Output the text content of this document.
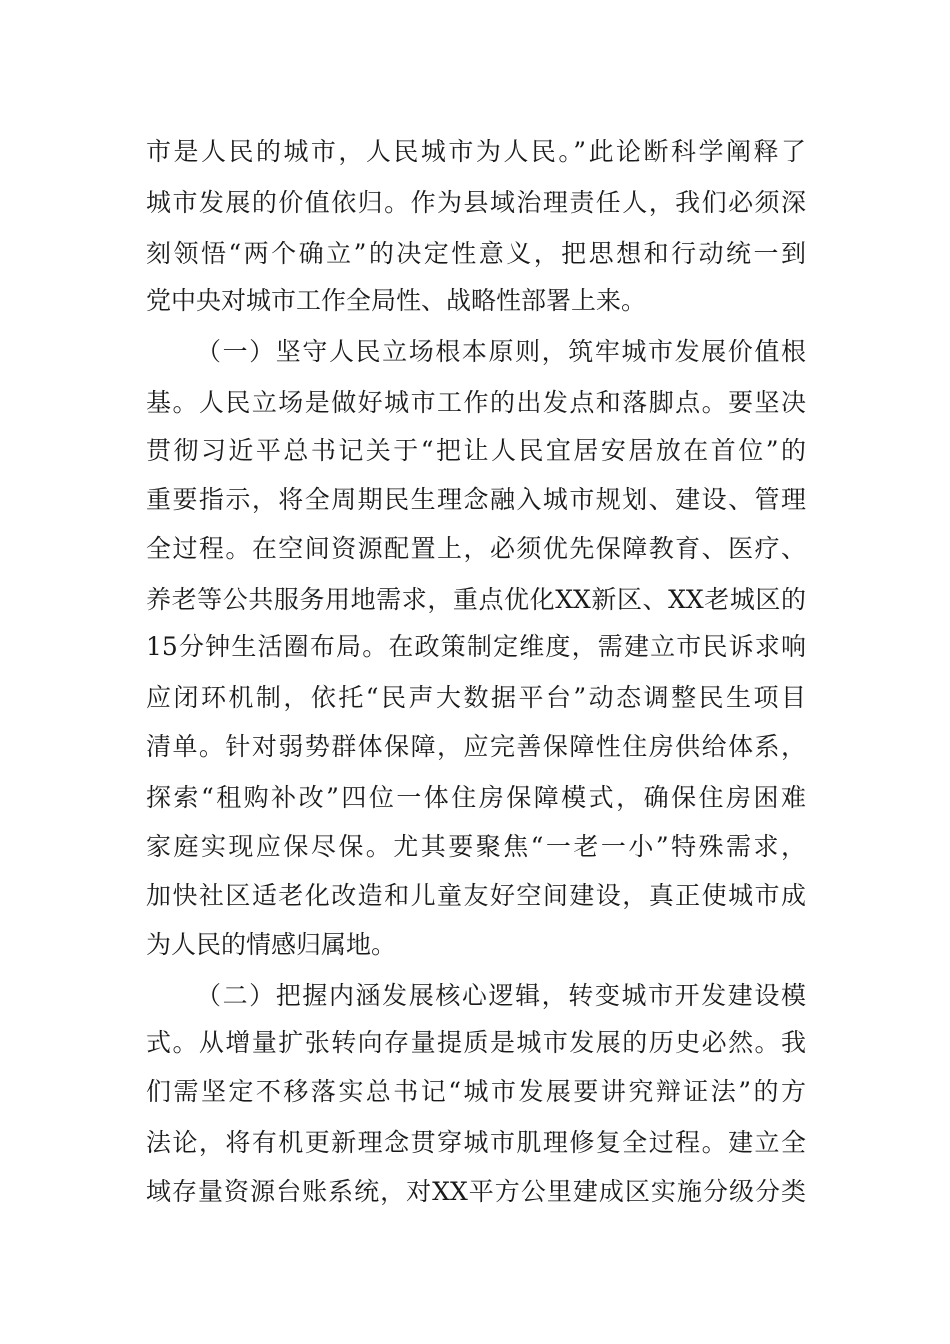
市是人民的城市，人民城市为人民。”此论断科学阐释了
城市发展的价值依归。作为县域治理责任人，我们必须深
刻领悟“两个确立”的决定性意义，把思想和行动统一到
党中央对城市工作全局性、战略性部署上来。
（一）坚守人民立场根本原则，筑牢城市发展价值根
基。人民立场是做好城市工作的出发点和落脚点。要坚决
贯彻习近平总书记关于“把让人民宜居安居放在首位”的
重要指示，将全周期民生理念融入城市规划、建设、管理
全过程。在空间资源配置上，必须优先保障教育、医疗、
养老等公共服务用地需求，重点优化XX新区、XX老城区的
15分钟生活圈布局。在政策制定维度，需建立市民诉求响
应闭环机制，依托“民声大数据平台”动态调整民生项目
清单。针对弱势群体保障，应完善保障性住房供给体系，
探索“租购补改”四位一体住房保障模式，确保住房困难
家庭实现应保尽保。尤其要聚焦“一老一小”特殊需求，
加快社区适老化改造和儿童友好空间建设，真正使城市成
为人民的情感归属地。
（二）把握内涵发展核心逻辑，转变城市开发建设模
式。从增量扩张转向存量提质是城市发展的历史必然。我
们需坚定不移落实总书记“城市发展要讲究辩证法”的方
法论，将有机更新理念贯穿城市肌理修复全过程。建立全
域存量资源台账系统，对XX平方公里建成区实施分级分类
